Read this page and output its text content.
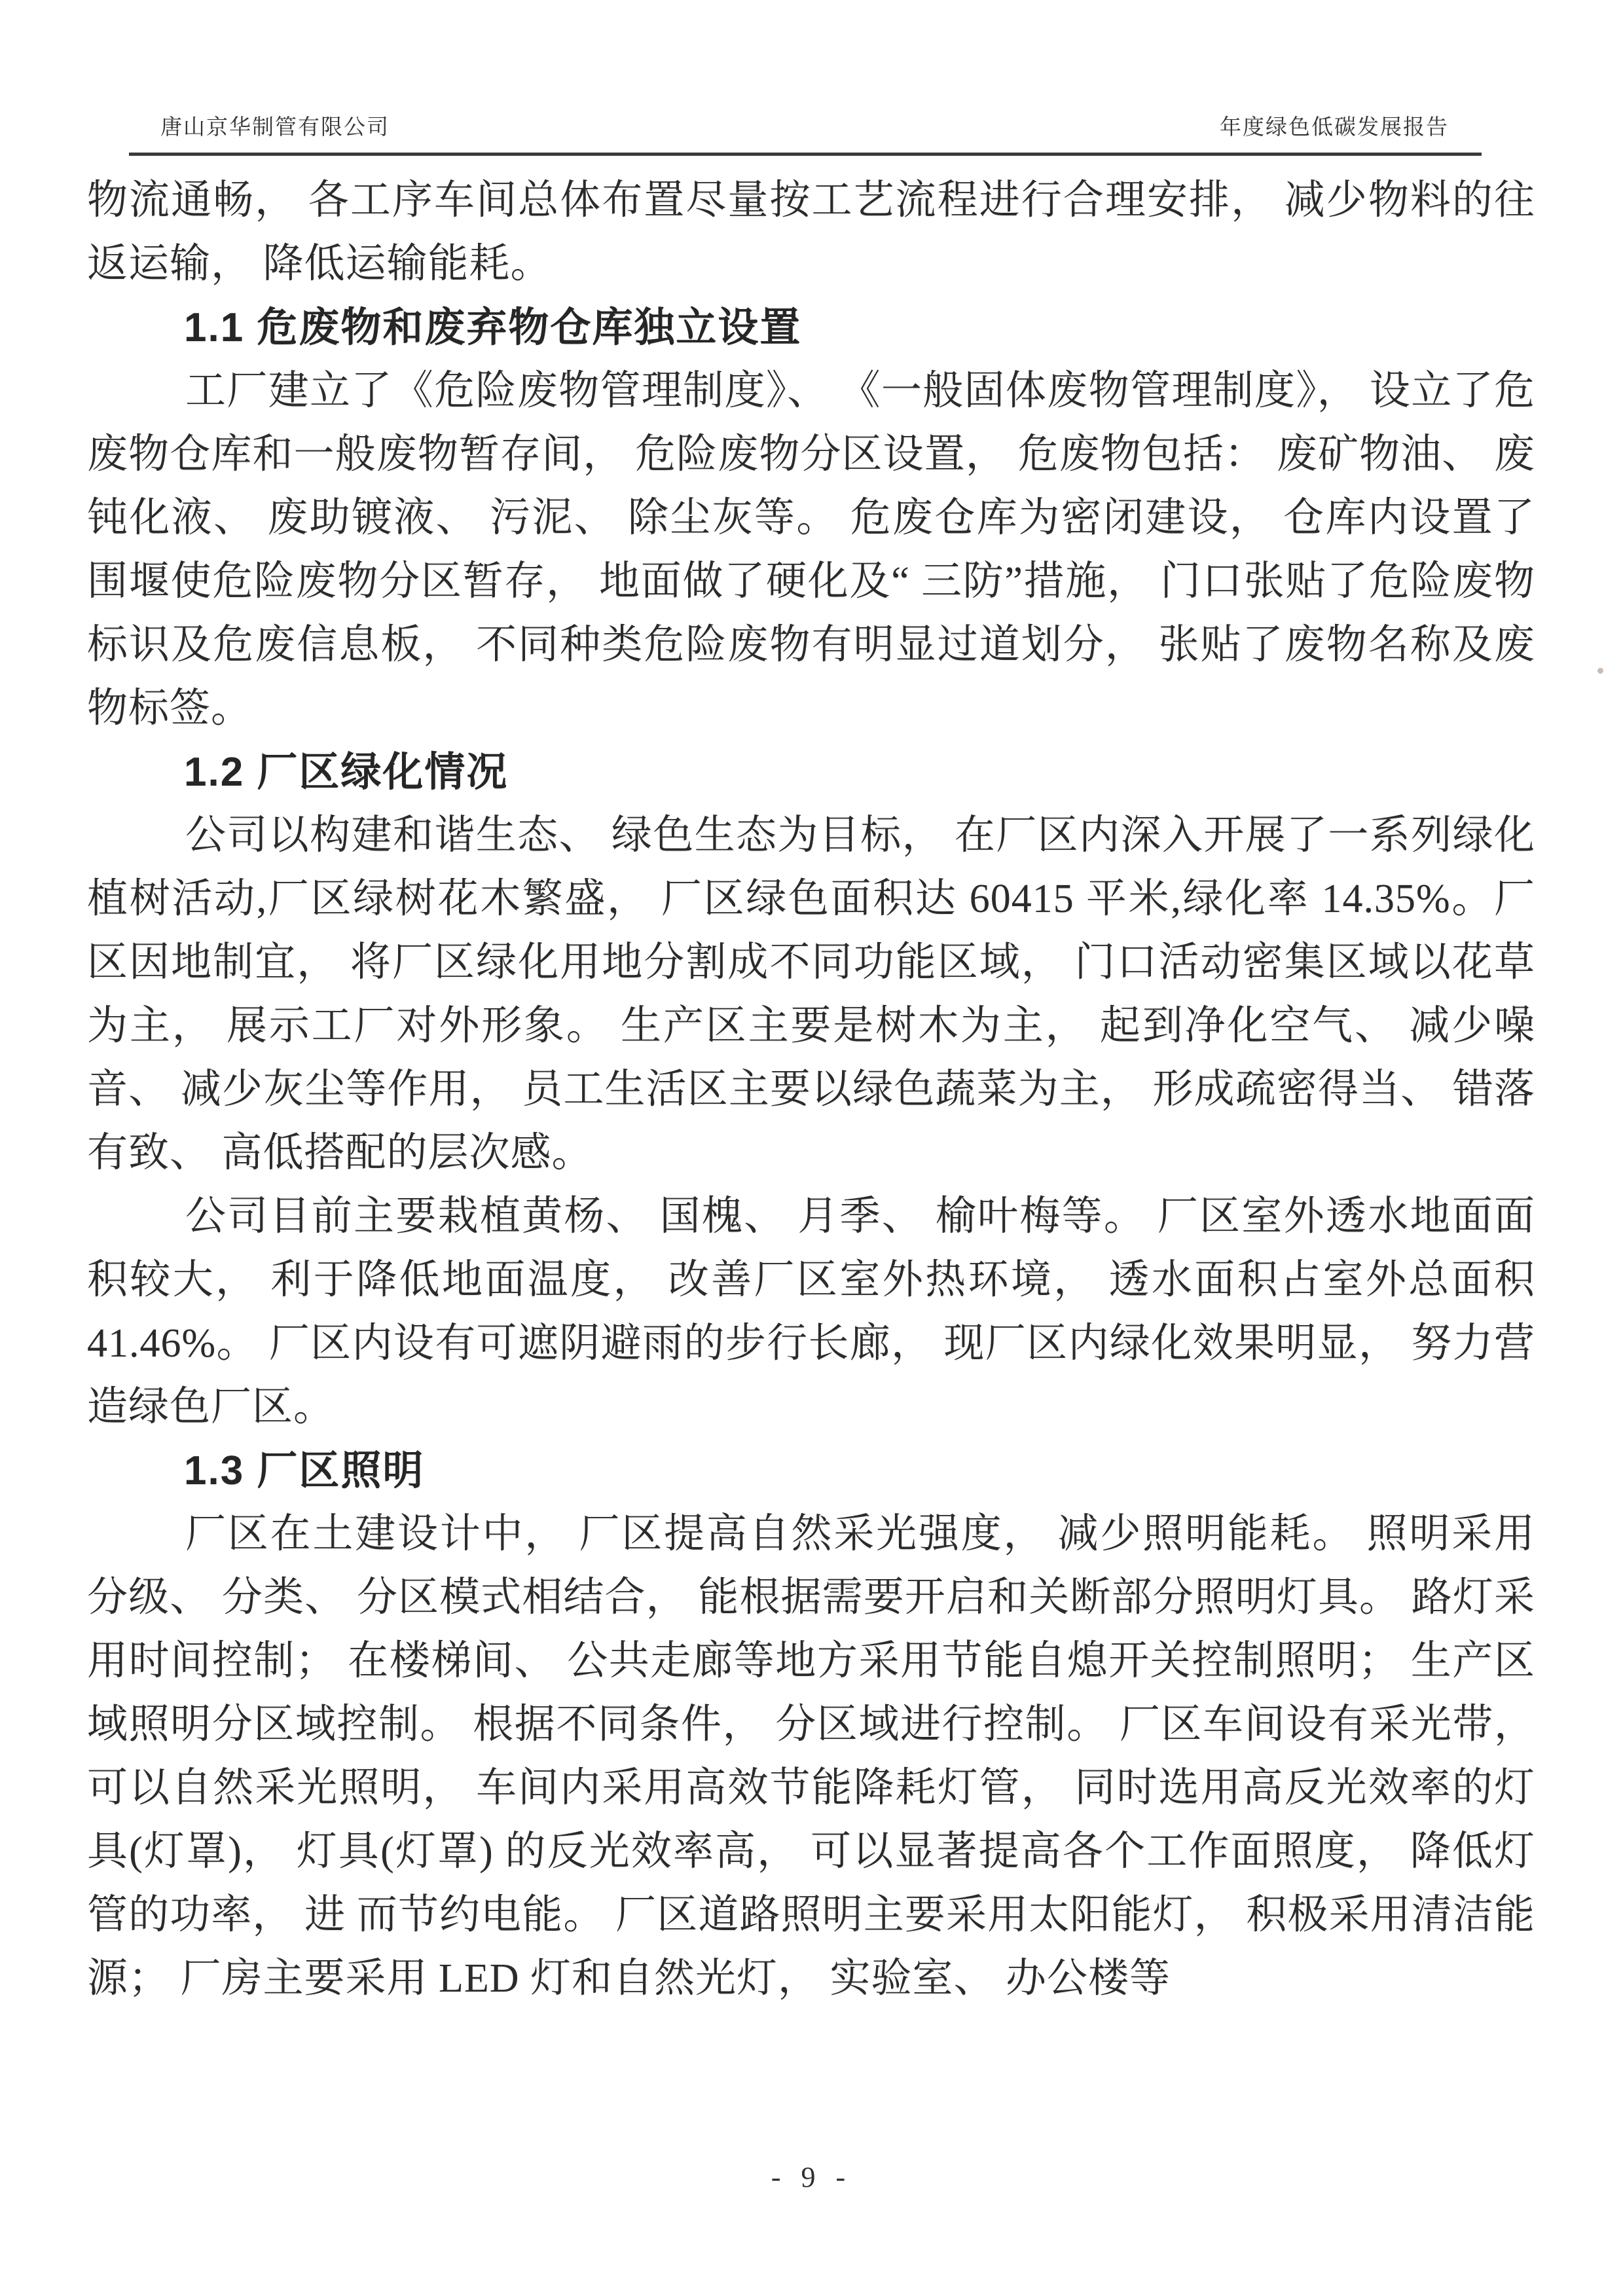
唐山京华制管有限公司	年度绿色低碳发展报告

物流通畅， 各工序车间总体布置尽量按工艺流程进行合理安排， 减少物料的往返运输， 降低运输能耗。

1.1 危废物和废弃物仓库独立设置

工厂建立了《危险废物管理制度》、 《一般固体废物管理制度》， 设立了危废物仓库和一般废物暂存间， 危险废物分区设置， 危废物包括： 废矿物油、 废钝化液、 废助镀液、 污泥、 除尘灰等。 危废仓库为密闭建设， 仓库内设置了围堰使危险废物分区暂存， 地面做了硬化及“ 三防”措施， 门口张贴了危险废物标识及危废信息板， 不同种类危险废物有明显过道划分， 张贴了废物名称及废物标签。

1.2 厂区绿化情况

公司以构建和谐生态、 绿色生态为目标， 在厂区内深入开展了一系列绿化植树活动,厂区绿树花木繁盛， 厂区绿色面积达 60415 平米,绿化率 14.35%。厂区因地制宜， 将厂区绿化用地分割成不同功能区域， 门口活动密集区域以花草为主， 展示工厂对外形象。 生产区主要是树木为主， 起到净化空气、 减少噪音、 减少灰尘等作用， 员工生活区主要以绿色蔬菜为主， 形成疏密得当、 错落有致、 高低搭配的层次感。

公司目前主要栽植黄杨、 国槐、 月季、 榆叶梅等。 厂区室外透水地面面积较大， 利于降低地面温度， 改善厂区室外热环境， 透水面积占室外总面积 41.46%。 厂区内设有可遮阴避雨的步行长廊， 现厂区内绿化效果明显， 努力营造绿色厂区。

1.3 厂区照明

厂区在土建设计中， 厂区提高自然采光强度， 减少照明能耗。 照明采用分级、 分类、 分区模式相结合， 能根据需要开启和关断部分照明灯具。 路灯采用时间控制； 在楼梯间、 公共走廊等地方采用节能自熄开关控制照明； 生产区域照明分区域控制。 根据不同条件， 分区域进行控制。 厂区车间设有采光带， 可以自然采光照明， 车间内采用高效节能降耗灯管， 同时选用高反光效率的灯具(灯罩)， 灯具(灯罩) 的反光效率高， 可以显著提高各个工作面照度， 降低灯管的功率， 进 而节约电能。 厂区道路照明主要采用太阳能灯， 积极采用清洁能源； 厂房主要采用 LED 灯和自然光灯， 实验室、 办公楼等

- 9 -
